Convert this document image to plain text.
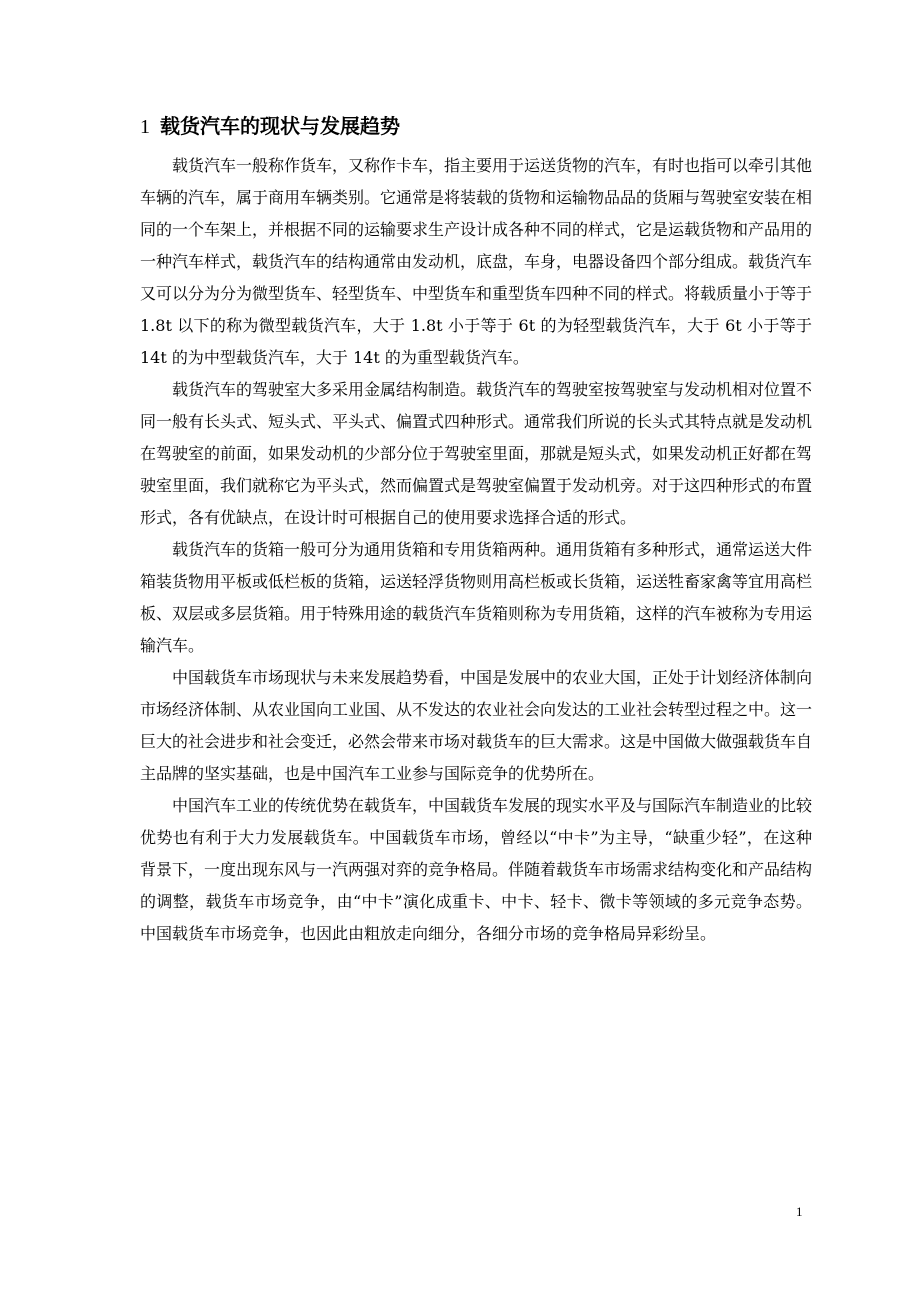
1 载货汽车的现状与发展趋势

载货汽车一般称作货车，又称作卡车，指主要用于运送货物的汽车，有时也指可以牵引其他车辆的汽车，属于商用车辆类别。它通常是将装载的货物和运输物品品的货厢与驾驶室安装在相同的一个车架上，并根据不同的运输要求生产设计成各种不同的样式，它是运载货物和产品用的一种汽车样式，载货汽车的结构通常由发动机，底盘，车身，电器设备四个部分组成。载货汽车又可以分为分为微型货车、轻型货车、中型货车和重型货车四种不同的样式。将载质量小于等于 1.8t 以下的称为微型载货汽车，大于 1.8t 小于等于 6t 的为轻型载货汽车，大于 6t 小于等于 14t 的为中型载货汽车，大于 14t 的为重型载货汽车。

载货汽车的驾驶室大多采用金属结构制造。载货汽车的驾驶室按驾驶室与发动机相对位置不同一般有长头式、短头式、平头式、偏置式四种形式。通常我们所说的长头式其特点就是发动机在驾驶室的前面，如果发动机的少部分位于驾驶室里面，那就是短头式，如果发动机正好都在驾驶室里面，我们就称它为平头式，然而偏置式是驾驶室偏置于发动机旁。对于这四种形式的布置形式，各有优缺点，在设计时可根据自己的使用要求选择合适的形式。

载货汽车的货箱一般可分为通用货箱和专用货箱两种。通用货箱有多种形式，通常运送大件箱装货物用平板或低栏板的货箱，运送轻浮货物则用高栏板或长货箱，运送牲畜家禽等宜用高栏板、双层或多层货箱。用于特殊用途的载货汽车货箱则称为专用货箱，这样的汽车被称为专用运输汽车。

中国载货车市场现状与未来发展趋势看，中国是发展中的农业大国，正处于计划经济体制向市场经济体制、从农业国向工业国、从不发达的农业社会向发达的工业社会转型过程之中。这一巨大的社会进步和社会变迁，必然会带来市场对载货车的巨大需求。这是中国做大做强载货车自主品牌的坚实基础，也是中国汽车工业参与国际竞争的优势所在。

中国汽车工业的传统优势在载货车，中国载货车发展的现实水平及与国际汽车制造业的比较优势也有利于大力发展载货车。中国载货车市场，曾经以“中卡”为主导，“缺重少轻”，在这种背景下，一度出现东风与一汽两强对弈的竞争格局。伴随着载货车市场需求结构变化和产品结构的调整，载货车市场竞争，由“中卡”演化成重卡、中卡、轻卡、微卡等领域的多元竞争态势。中国载货车市场竞争，也因此由粗放走向细分，各细分市场的竞争格局异彩纷呈。

1
